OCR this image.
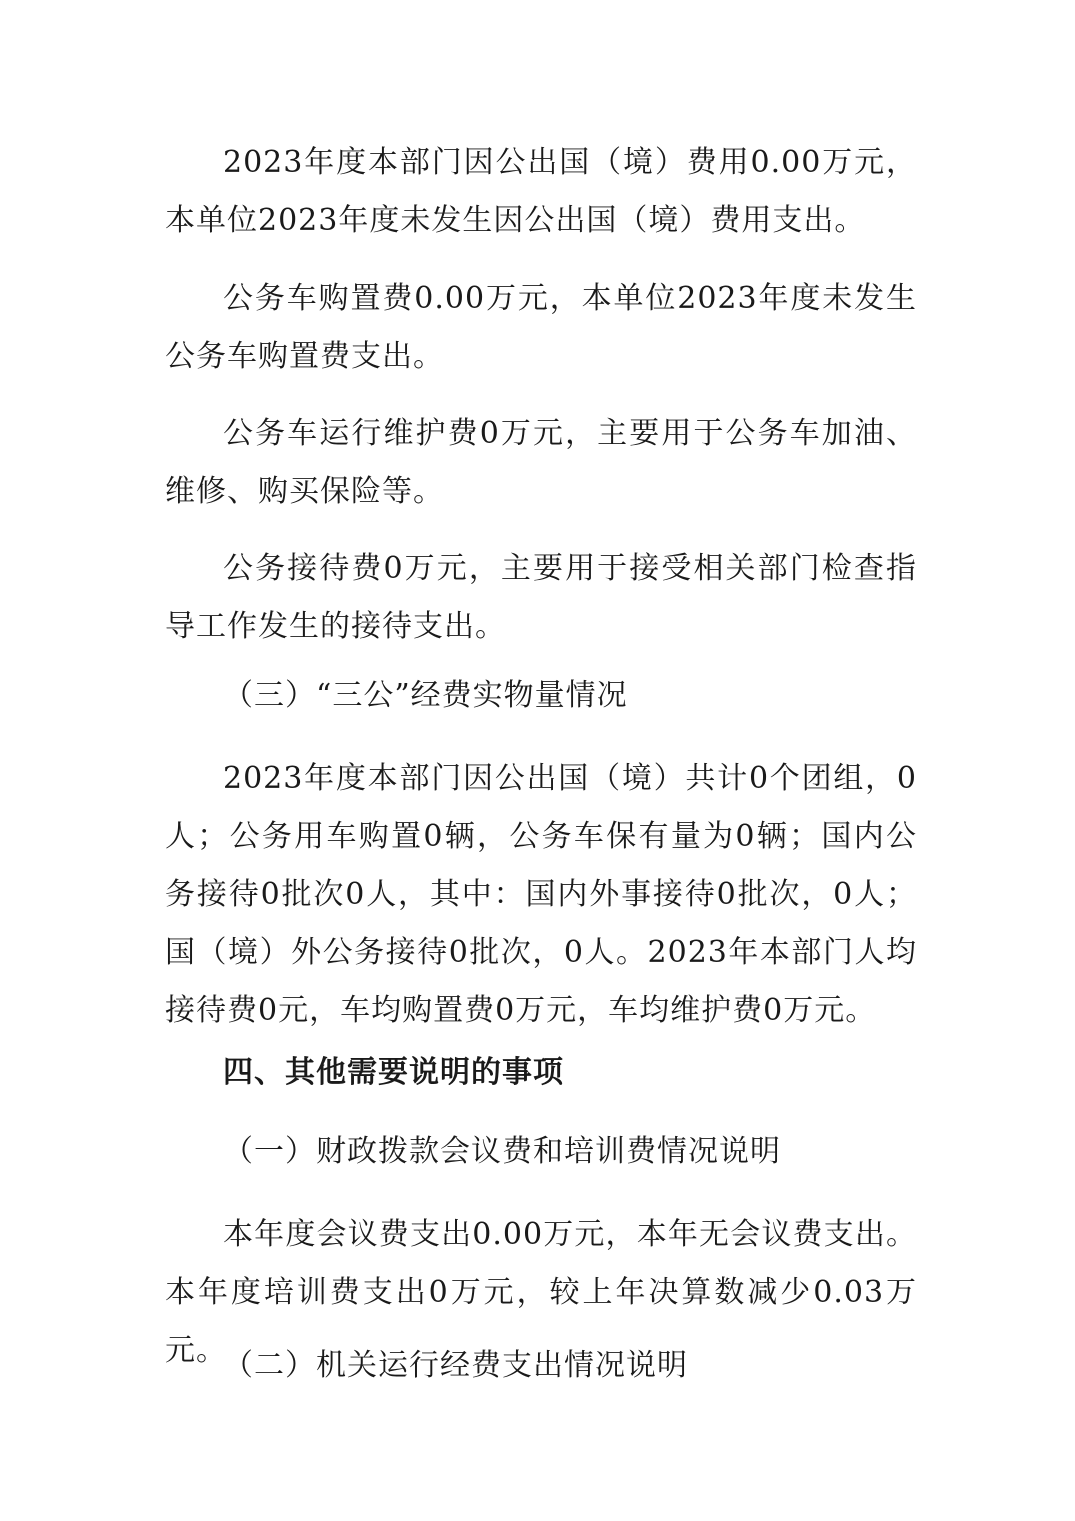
2023年度本部门因公出国（境）费用0.00万元，本单位2023年度未发生因公出国（境）费用支出。

公务车购置费0.00万元，本单位2023年度未发生公务车购置费支出。

公务车运行维护费0万元，主要用于公务车加油、维修、购买保险等。

公务接待费0万元，主要用于接受相关部门检查指导工作发生的接待支出。

（三）“三公”经费实物量情况

2023年度本部门因公出国（境）共计0个团组，0人；公务用车购置0辆，公务车保有量为0辆；国内公务接待0批次0人，其中：国内外事接待0批次，0人；国（境）外公务接待0批次，0人。2023年本部门人均接待费0元，车均购置费0万元，车均维护费0万元。

四、其他需要说明的事项

（一）财政拨款会议费和培训费情况说明

本年度会议费支出0.00万元，本年无会议费支出。本年度培训费支出0万元，较上年决算数减少0.03万元。

（二）机关运行经费支出情况说明
